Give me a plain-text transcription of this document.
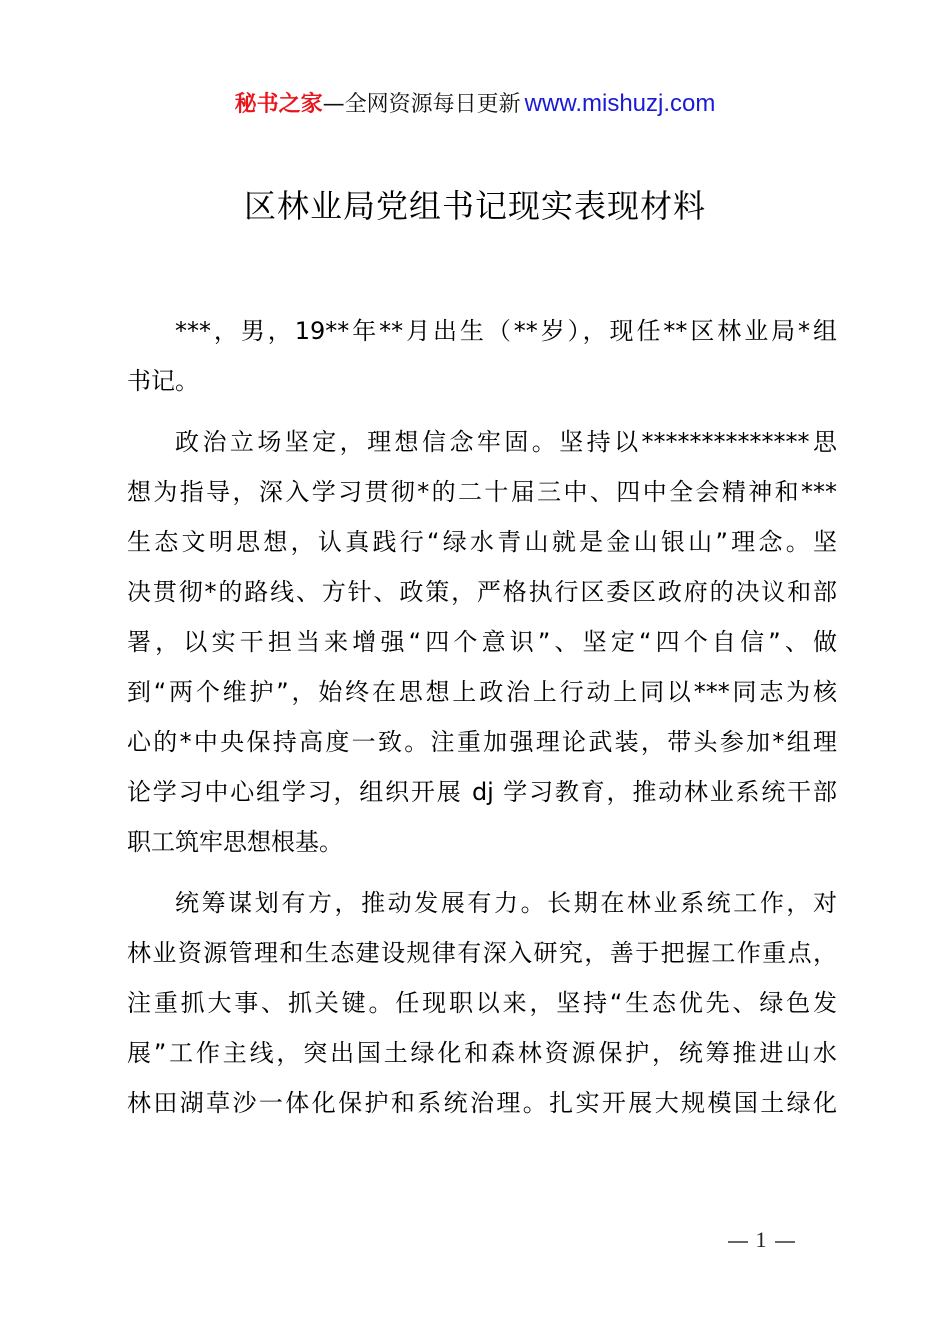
秘书之家—全网资源每日更新 www.mishuzj.com
区林业局党组书记现实表现材料
***，男，19**年**月出生（**岁），现任**区林业局*组
书记。
政治立场坚定，理想信念牢固。坚持以**************思
想为指导，深入学习贯彻*的二十届三中、四中全会精神和***
生态文明思想，认真践行“绿水青山就是金山银山”理念。坚
决贯彻*的路线、方针、政策，严格执行区委区政府的决议和部
署，以实干担当来增强“四个意识”、坚定“四个自信”、做
到“两个维护”，始终在思想上政治上行动上同以***同志为核
心的*中央保持高度一致。注重加强理论武装，带头参加*组理
论学习中心组学习，组织开展 dj 学习教育，推动林业系统干部
职工筑牢思想根基。
统筹谋划有方，推动发展有力。长期在林业系统工作，对
林业资源管理和生态建设规律有深入研究，善于把握工作重点，
注重抓大事、抓关键。任现职以来，坚持“生态优先、绿色发
展”工作主线，突出国土绿化和森林资源保护，统筹推进山水
林田湖草沙一体化保护和系统治理。扎实开展大规模国土绿化
1
